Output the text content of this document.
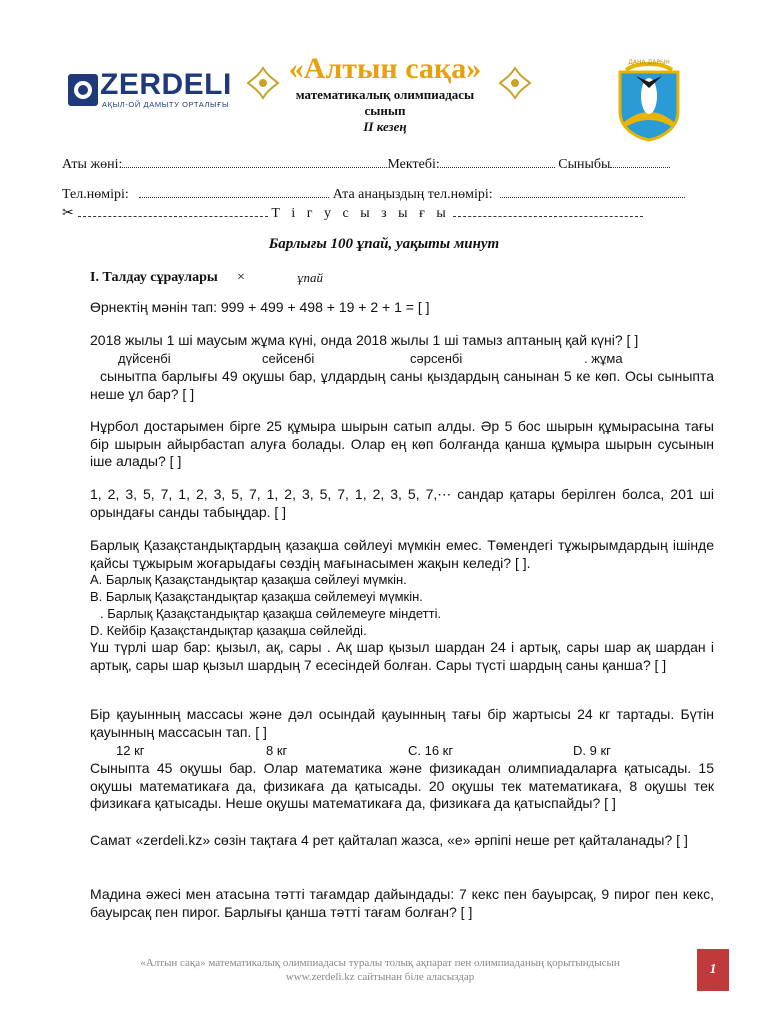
ZERDELI
АҚЫЛ-ОЙ ДАМЫТУ ОРТАЛЫҒЫ
«Алтын сақа»
математикалық олимпиадасы
сынып
II кезең
ДАНА ДАРЫН
Аты жөні:	Мектебі:	Сыныбы
Тел.нөмірі:	Ата анаңыздың тел.нөмірі:
✂	Т і г у с ы з ы ғ ы
Барлығы 100 ұпай, уақыты минут
I. Талдау сұраулары ×	ұпай
Өрнектің мәнін тап: 999 + 499 + 498 + 19 + 2 + 1 = [ ]
2018 жылы 1 ші маусым жұма күні, онда 2018 жылы 1 ші тамыз аптаның қай күні? [ ]
дүйсенбі	сейсенбі	сәрсенбі	. жұма
сынытпа барлығы 49 оқушы бар, ұлдардың саны қыздардың санынан 5 ке көп. Осы сыныпта неше ұл бар? [ ]
Нұрбол достарымен бірге 25 құмыра шырын сатып алды. Әр 5 бос шырын құмырасына тағы бір шырын айырбастап алуға болады. Олар ең көп болғанда қанша құмыра шырын сусынын іше алады? [ ]
1, 2, 3, 5, 7, 1, 2, 3, 5, 7, 1, 2, 3, 5, 7, 1, 2, 3, 5, 7,⋯ сандар қатары берілген болса, 201 ші орындағы санды табыңдар. [ ]
Барлық Қазақстандықтардың қазақша сөйлеуі мүмкін емес. Төмендегі тұжырымдардың ішінде қайсы тұжырым жоғарыдағы сөздің мағынасымен жақын келеді? [ ].
A. Барлық Қазақстандықтар қазақша сөйлеуі мүмкін.
B. Барлық Қазақстандықтар қазақша сөйлемеуі мүмкін.
. Барлық Қазақстандықтар қазақша сөйлемеуге міндетті.
D. Кейбір Қазақстандықтар қазақша сөйлейді.
Үш түрлі шар бар: қызыл, ақ, сары . Ақ шар қызыл шардан 24 і артық, сары шар ақ шардан і артық, сары шар қызыл шардың 7 есесіндей болған. Сары түсті шардың саны қанша? [ ]
Бір қауынның массасы және дәл осындай қауынның тағы бір жартысы 24 кг тартады. Бүтін қауынның массасын тап. [ ]
12 кг	8 кг	C. 16 кг	D. 9 кг
Сыныпта 45 оқушы бар. Олар математика және физикадан олимпиадаларға қатысады. 15 оқушы математикаға да, физикаға да қатысады. 20 оқушы тек математикаға, 8 оқушы тек физикаға қатысады. Неше оқушы математикаға да, физикаға да қатыспайды? [ ]
Самат «zerdeli.kz» сөзін тақтаға 4 рет қайталап жазса, «е» әрпіпі неше рет қайталанады? [ ]
Мадина әжесі мен атасына тәтті тағамдар дайындады: 7 кекс пен бауырсақ, 9 пирог пен кекс, бауырсақ пен пирог. Барлығы қанша тәтті тағам болған? [ ]
«Алтын сақа» математикалық олимпиадасы туралы толық ақпарат пен олимпиаданың қорытындысын
www.zerdeli.kz сайтынан біле аласыздар	1
